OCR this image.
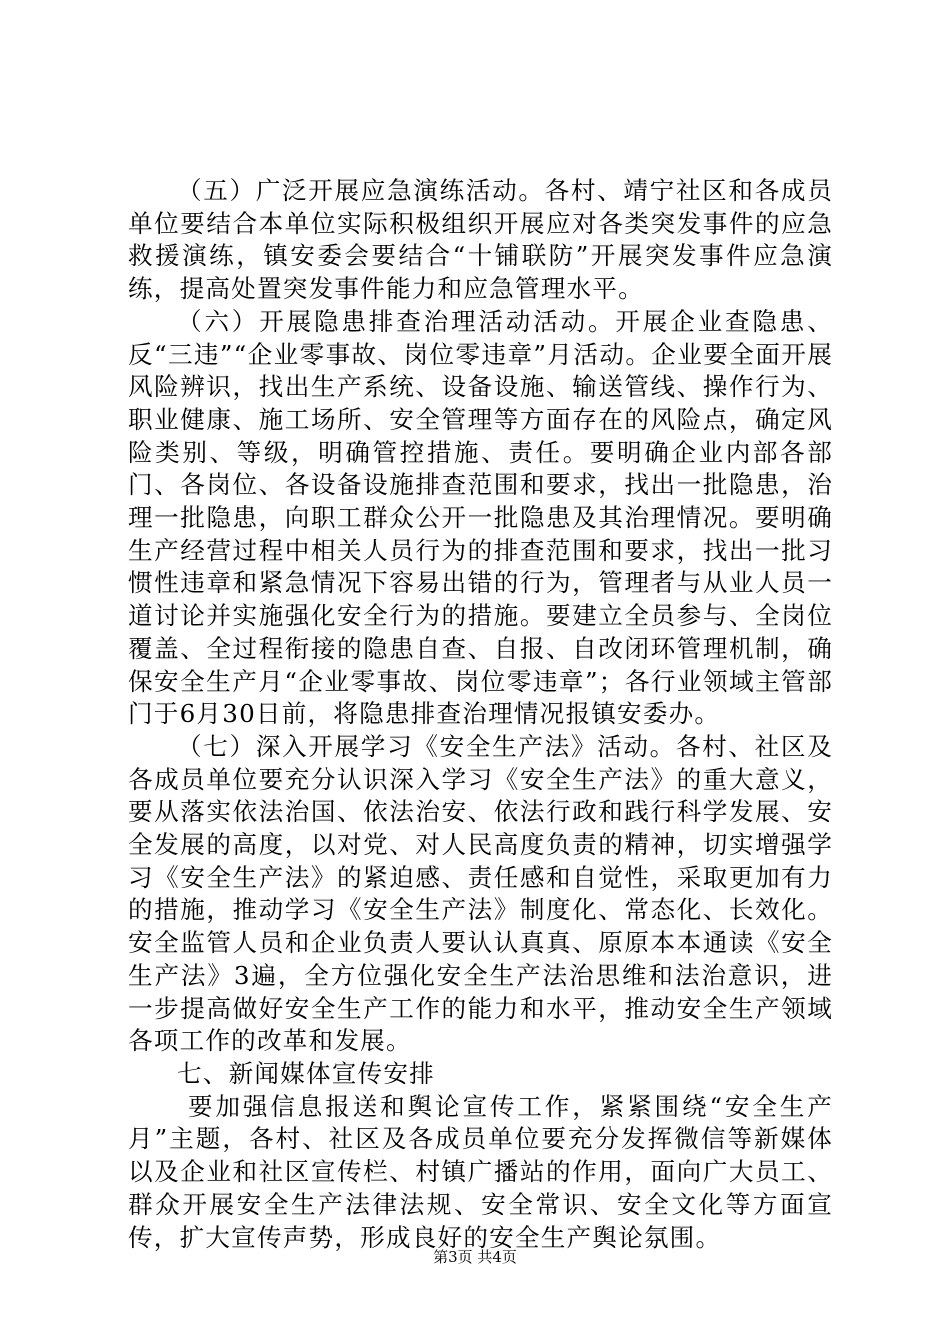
（五）广泛开展应急演练活动。各村、靖宁社区和各成员单位要结合本单位实际积极组织开展应对各类突发事件的应急救援演练，镇安委会要结合“十铺联防”开展突发事件应急演练，提高处置突发事件能力和应急管理水平。

（六）开展隐患排查治理活动活动。开展企业查隐患、反“三违”“企业零事故、岗位零违章”月活动。企业要全面开展风险辨识，找出生产系统、设备设施、输送管线、操作行为、职业健康、施工场所、安全管理等方面存在的风险点，确定风险类别、等级，明确管控措施、责任。要明确企业内部各部门、各岗位、各设备设施排查范围和要求，找出一批隐患，治理一批隐患，向职工群众公开一批隐患及其治理情况。要明确生产经营过程中相关人员行为的排查范围和要求，找出一批习惯性违章和紧急情况下容易出错的行为，管理者与从业人员一道讨论并实施强化安全行为的措施。要建立全员参与、全岗位覆盖、全过程衔接的隐患自查、自报、自改闭环管理机制，确保安全生产月“企业零事故、岗位零违章”；各行业领域主管部门于6月30日前，将隐患排查治理情况报镇安委办。

（七）深入开展学习《安全生产法》活动。各村、社区及各成员单位要充分认识深入学习《安全生产法》的重大意义，要从落实依法治国、依法治安、依法行政和践行科学发展、安全发展的高度，以对党、对人民高度负责的精神，切实增强学习《安全生产法》的紧迫感、责任感和自觉性，采取更加有力的措施，推动学习《安全生产法》制度化、常态化、长效化。安全监管人员和企业负责人要认认真真、原原本本通读《安全生产法》3遍，全方位强化安全生产法治思维和法治意识，进一步提高做好安全生产工作的能力和水平，推动安全生产领域各项工作的改革和发展。

七、新闻媒体宣传安排

要加强信息报送和舆论宣传工作，紧紧围绕“安全生产月”主题，各村、社区及各成员单位要充分发挥微信等新媒体以及企业和社区宣传栏、村镇广播站的作用，面向广大员工、群众开展安全生产法律法规、安全常识、安全文化等方面宣传，扩大宣传声势，形成良好的安全生产舆论氛围。

第3页 共4页
